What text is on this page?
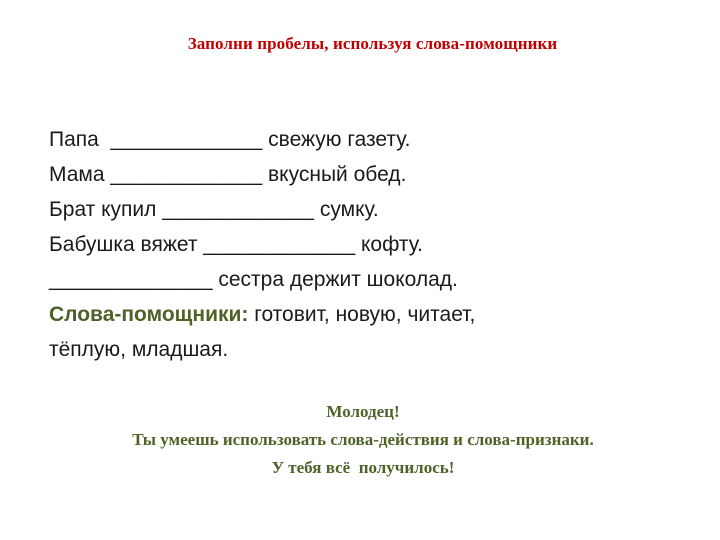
Заполни пробелы, используя слова-помощники
Папа  _____________ свежую газету.
Мама _____________ вкусный обед.
Брат купил _____________ сумку.
Бабушка вяжет _____________ кофту.
______________ сестра держит шоколад.
Слова-помощники: готовит, новую, читает,
тёплую, младшая.
Молодец!
Ты умеешь использовать слова-действия и слова-признаки.
У тебя всё  получилось!
